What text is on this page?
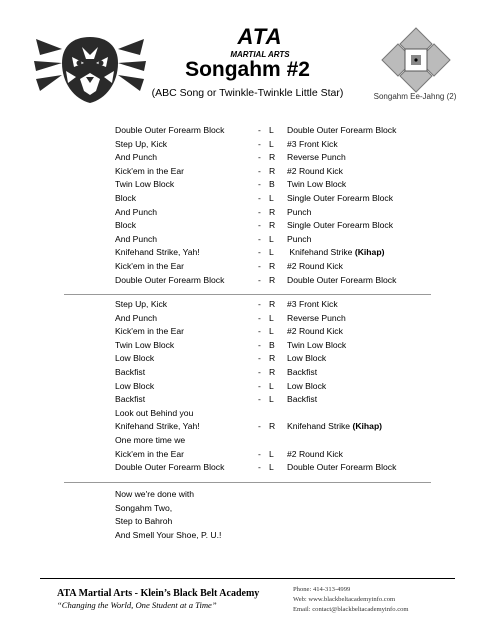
ATA
MARTIAL ARTS
Songahm #2
(ABC Song or Twinkle-Twinkle Little Star)	Songahm Ee-Jahng (2)
Double Outer Forearm Block	- L Double Outer Forearm Block
Step Up, Kick	- L #3 Front Kick
And Punch	- R Reverse Punch
Kick'em in the Ear	- R #2 Round Kick
Twin Low Block	- B Twin Low Block
Block	- L Single Outer Forearm Block
And Punch	- R Punch
Block	- R Single Outer Forearm Block
And Punch	- L Punch
Knifehand Strike, Yah!	- L Knifehand Strike (Kihap)
Kick'em in the Ear	- R #2 Round Kick
Double Outer Forearm Block	- R Double Outer Forearm Block
Step Up, Kick	- R #3 Front Kick
And Punch	- L Reverse Punch
Kick'em in the Ear	- L #2 Round Kick
Twin Low Block	- B Twin Low Block
Low Block	- R Low Block
Backfist	- R Backfist
Low Block	- L Low Block
Backfist	- L Backfist
Look out Behind you
Knifehand Strike, Yah!	- R Knifehand Strike (Kihap)
One more time we
Kick'em in the Ear	- L #2 Round Kick
Double Outer Forearm Block	- L Double Outer Forearm Block
Now we're done with
Songahm Two,
Step to Bahroh
And Smell Your Shoe, P. U.!
ATA Martial Arts - Klein’s Black Belt Academy
“Changing the World, One Student at a Time”
Phone: 414-313-4999
Web: www.blackbeltacademyinfo.com
Email: contact@blackbeltacademyinfo.com
